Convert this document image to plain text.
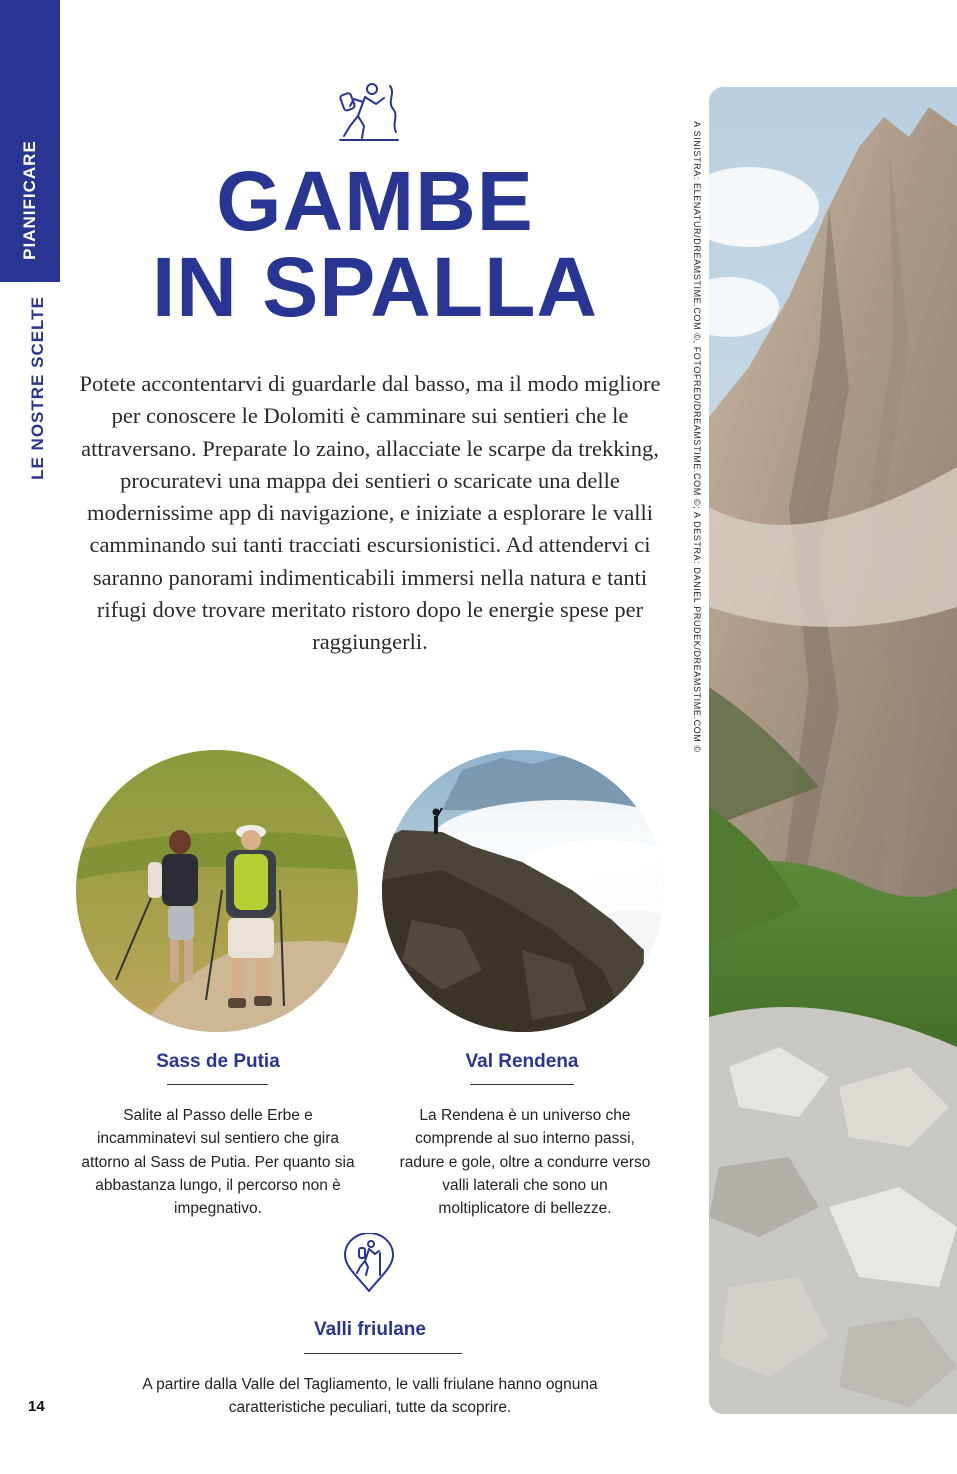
PIANIFICARE
LE NOSTRE SCELTE
GAMBE
IN SPALLA

Potete accontentarvi di guardarle dal basso, ma il modo migliore per conoscere le Dolomiti è camminare sui sentieri che le attraversano. Preparate lo zaino, allacciate le scarpe da trekking, procuratevi una mappa dei sentieri o scaricate una delle modernissime app di navigazione, e iniziate a esplorare le valli camminando sui tanti tracciati escursionistici. Ad attendervi ci saranno panorami indimenticabili immersi nella natura e tanti rifugi dove trovare meritato ristoro dopo le energie spese per raggiungerli.

Sass de Putia

Salite al Passo delle Erbe e incamminatevi sul sentiero che gira attorno al Sass de Putia. Per quanto sia abbastanza lungo, il percorso non è impegnativo.

Val Rendena

La Rendena è un universo che comprende al suo interno passi, radure e gole, oltre a condurre verso valli laterali che sono un moltiplicatore di bellezze.

Valli friulane

A partire dalla Valle del Tagliamento, le valli friulane hanno ognuna caratteristiche peculiari, tutte da scoprire.

14
A SINISTRA: ELENATUR/DREAMSTIME.COM ©, FOTOFRED/DREAMSTIME.COM ©; A DESTRA: DANIEL PRUDEK/DREAMSTIME.COM ©
